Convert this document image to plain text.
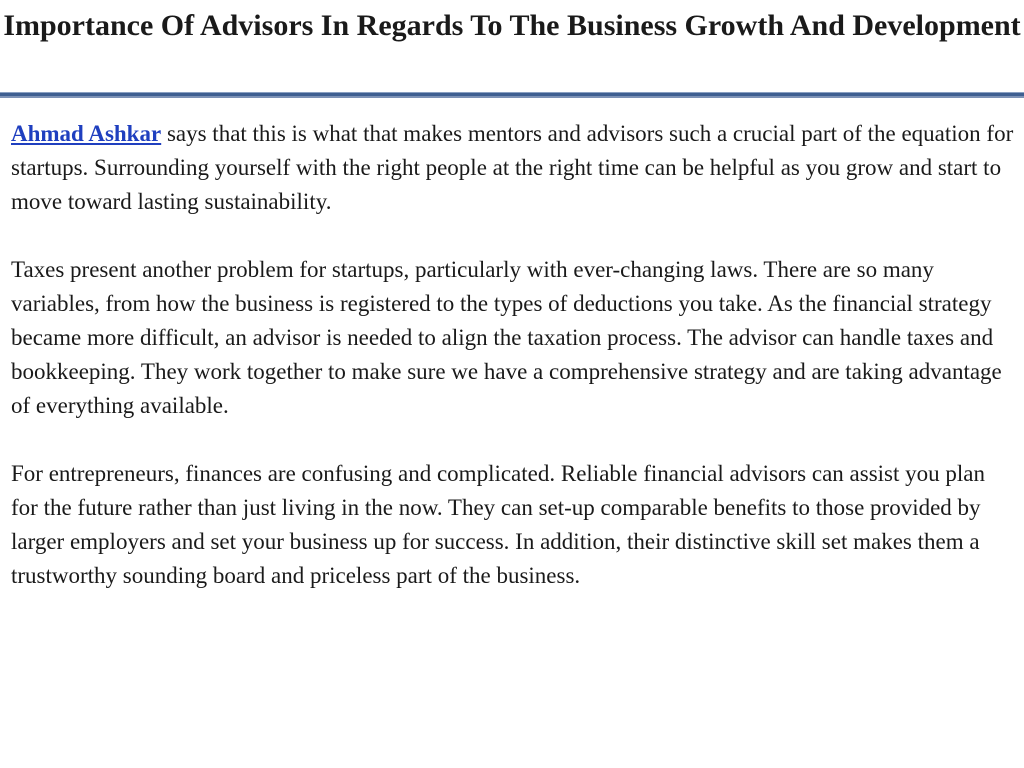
Importance Of Advisors In Regards To The Business Growth And Development

Ahmad Ashkar says that this is what that makes mentors and advisors such a crucial part of the equation for startups. Surrounding yourself with the right people at the right time can be helpful as you grow and start to move toward lasting sustainability.

Taxes present another problem for startups, particularly with ever-changing laws. There are so many variables, from how the business is registered to the types of deductions you take. As the financial strategy became more difficult, an advisor is needed to align the taxation process. The advisor can handle taxes and bookkeeping. They work together to make sure we have a comprehensive strategy and are taking advantage of everything available.

For entrepreneurs, finances are confusing and complicated. Reliable financial advisors can assist you plan for the future rather than just living in the now. They can set-up comparable benefits to those provided by larger employers and set your business up for success. In addition, their distinctive skill set makes them a trustworthy sounding board and priceless part of the business.
